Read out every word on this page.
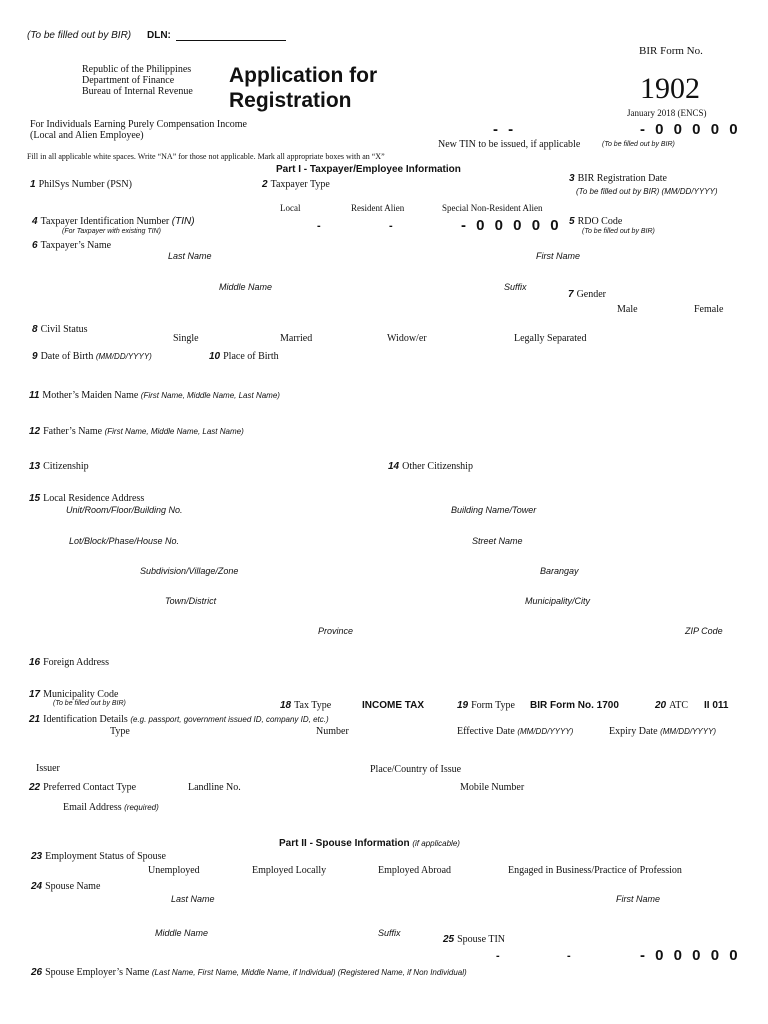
(To be filled out by BIR) DLN:
Republic of the Philippines
Department of Finance
Bureau of Internal Revenue
Application for
Registration
BIR Form No.
1902
January 2018 (ENCS)
For Individuals Earning Purely Compensation Income
(Local and Alien Employee)	- -	- 0 0 0 0 0
New TIN to be issued, if applicable	(To be filled out by BIR)
Fill in all applicable white spaces. Write “NA” for those not applicable. Mark all appropriate boxes with an “X”
Part I - Taxpayer/Employee Information
1 PhilSys Number (PSN)	2 Taxpayer Type
Local	Resident Alien	Special Non-Resident Alien
3 BIR Registration Date
(To be filled out by BIR) (MM/DD/YYYY)
4 Taxpayer Identification Number (TIN)
(For Taxpayer with existing TIN)	-	-	- 0 0 0 0 0 5 RDO Code
(To be filled out by BIR)
6 Taxpayer’s Name
Last Name	First Name
Middle Name	Suffix
7 Gender
Male	Female
8 Civil Status
Single	Married	Widow/er	Legally Separated
9 Date of Birth (MM/DD/YYYY)	10 Place of Birth
11 Mother’s Maiden Name (First Name, Middle Name, Last Name)
12 Father’s Name (First Name, Middle Name, Last Name)
13 Citizenship	14 Other Citizenship
15 Local Residence Address
Unit/Room/Floor/Building No.	Building Name/Tower
Lot/Block/Phase/House No.	Street Name
Subdivision/Village/Zone	Barangay
Town/District	Municipality/City
Province	ZIP Code
16 Foreign Address
17 Municipality Code
(To be filled out by BIR)	18 Tax Type	INCOME TAX	19 Form Type BIR Form No. 1700	20 ATC II 011
21 Identification Details (e.g. passport, government issued ID, company ID, etc.)
Type	Number	Effective Date (MM/DD/YYYY)	Expiry Date (MM/DD/YYYY)
Issuer	Place/Country of Issue
22 Preferred Contact Type	Landline No.	Mobile Number
Email Address (required)
Part II - Spouse Information (if applicable)
23 Employment Status of Spouse
Unemployed	Employed Locally	Employed Abroad	Engaged in Business/Practice of Profession
24 Spouse Name
Last Name	First Name
Middle Name	Suffix
25 Spouse TIN
-	-	- 0 0 0 0 0
26 Spouse Employer’s Name (Last Name, First Name, Middle Name, if Individual) (Registered Name, if Non Individual)
